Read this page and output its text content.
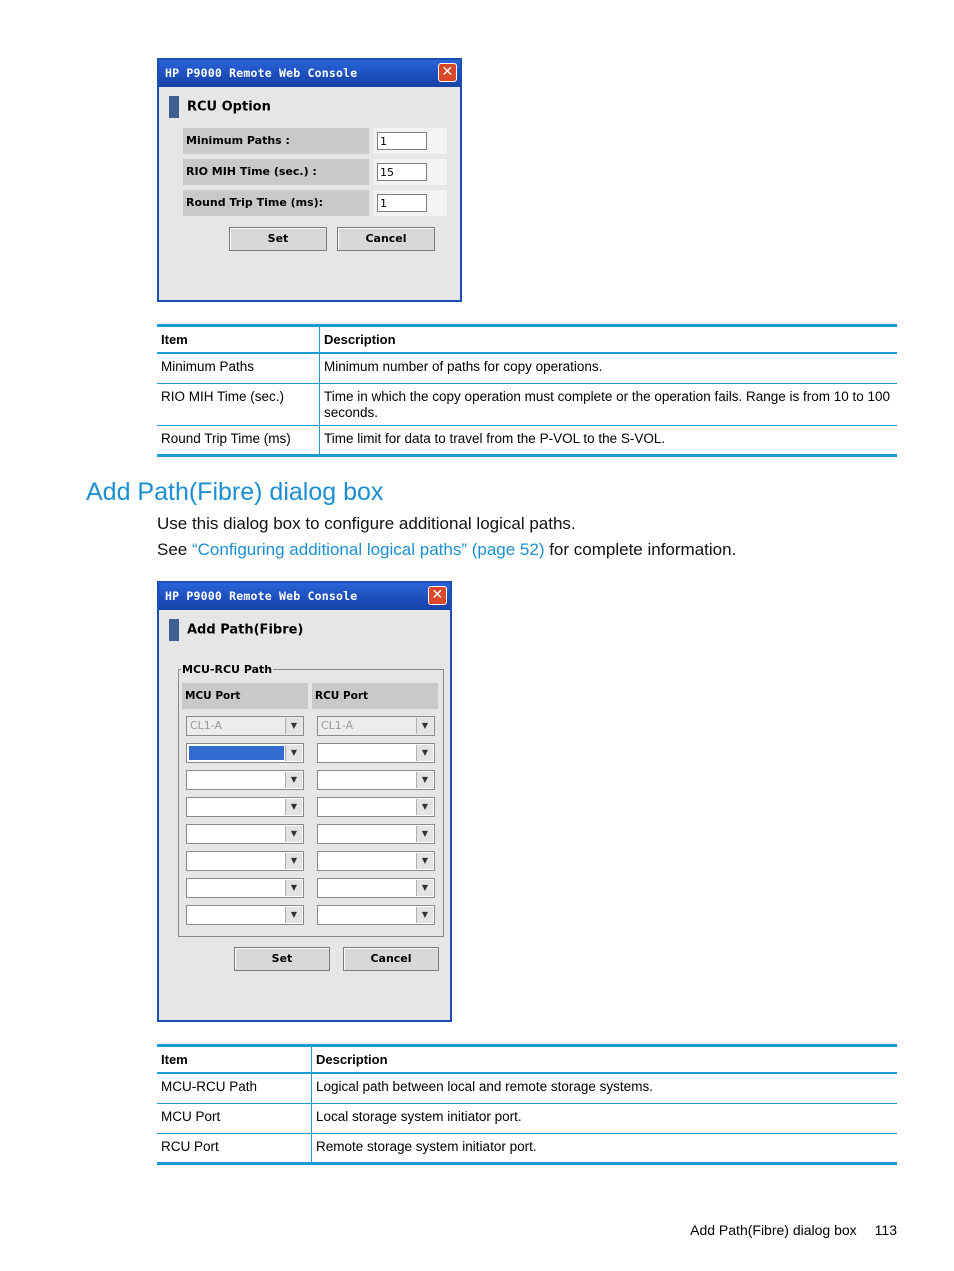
HP P9000 Remote Web Console	✕
RCU Option
Minimum Paths :
1
RIO MIH Time (sec.) :
15
Round Trip Time (ms):
1
Set	Cancel
Item	Description
Minimum Paths	Minimum number of paths for copy operations.
RIO MIH Time (sec.)	Time in which the copy operation must complete or the operation fails. Range is from 10 to 100 seconds.
Round Trip Time (ms)	Time limit for data to travel from the P-VOL to the S-VOL.
Add Path(Fibre) dialog box
Use this dialog box to configure additional logical paths.
See “Configuring additional logical paths” (page 52) for complete information.
HP P9000 Remote Web Console	✕
Add Path(Fibre)
MCU-RCU Path
MCU Port	RCU Port
CL1-A	▼	CL1-A	▼
▼	▼
▼	▼
▼	▼
▼	▼
▼	▼
▼	▼
▼	▼
Set	Cancel
Item	Description
MCU-RCU Path	Logical path between local and remote storage systems.
MCU Port	Local storage system initiator port.
RCU Port	Remote storage system initiator port.
Add Path(Fibre) dialog box 113
